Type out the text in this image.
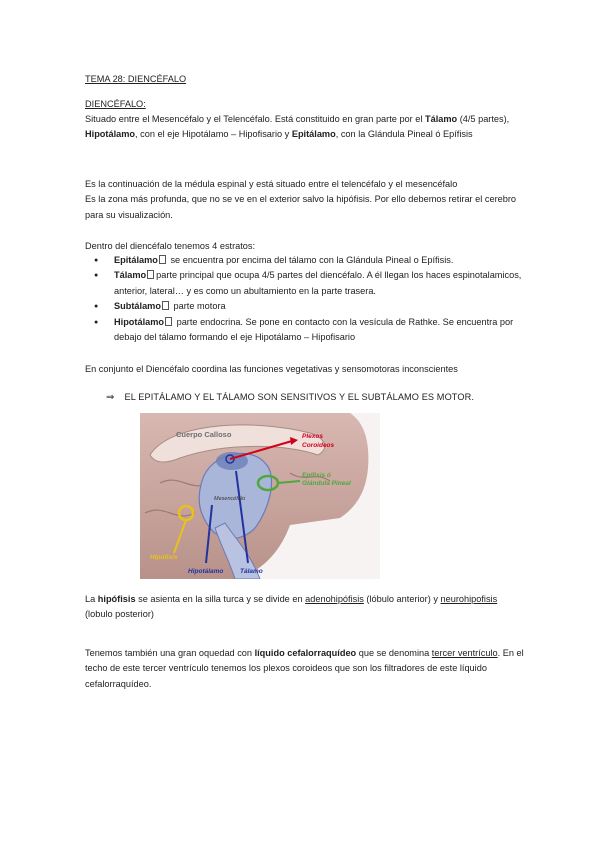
TEMA 28: DIENCÉFALO
DIENCÉFALO:
Situado entre el Mesencéfalo y el Telencéfalo. Está constituido en gran parte por el Tálamo (4/5 partes), Hipotálamo, con el eje Hipotálamo – Hipofisario y Epitálamo, con la Glándula Pineal ó Epífisis
Es la continuación de la médula espinal y está situado entre el telencéfalo y el mesencéfalo
Es la zona más profunda, que no se ve en el exterior salvo la hipófisis. Por ello debemos retirar el cerebro para su visualización.
Dentro del diencéfalo tenemos 4 estratos:
● Epitálamo se encuentra por encima del tálamo con la Glándula Pineal o Epífisis.
● Tálamo parte principal que ocupa 4/5 partes del diencéfalo. A él llegan los haces espinotalamicos, anterior, lateral… y es como un abultamiento en la parte trasera.
● Subtálamo parte motora
● Hipotálamo parte endocrina. Se pone en contacto con la vesícula de Rathke. Se encuentra por debajo del tálamo formando el eje Hipotálamo – Hipofisario
En conjunto el Diencéfalo coordina las funciones vegetativas y sensomotoras inconscientes
⇒ EL EPITÁLAMO Y EL TÁLAMO SON SENSITIVOS Y EL SUBTÁLAMO ES MOTOR.
Cuerpo Calloso	Plexos
Coroideos
Epífisis ó
Glándula Pineal
Mesencéfalo
Hipófisis
Hipotálamo	Tálamo
La hipófisis se asienta en la silla turca y se divide en adenohipófisis (lóbulo anterior) y neurohipofisis (lobulo posterior)
Tenemos también una gran oquedad con líquido cefalorraquídeo que se denomina tercer ventrículo. En el techo de este tercer ventrículo tenemos los plexos coroideos que son los filtradores de este líquido cefalorraquídeo.
